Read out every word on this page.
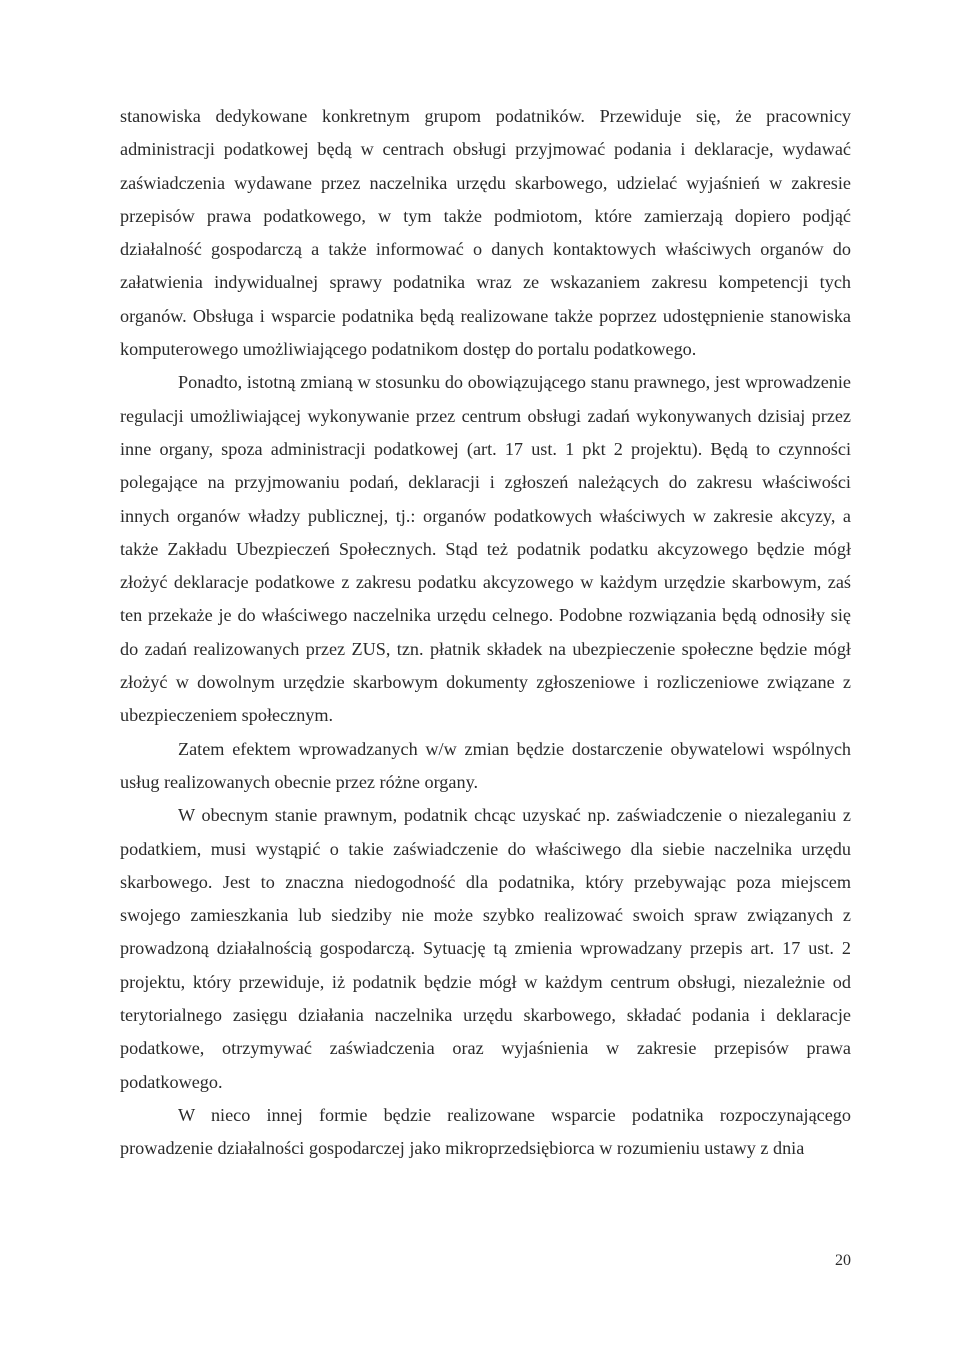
stanowiska dedykowane konkretnym grupom podatników. Przewiduje się, że pracownicy administracji podatkowej będą w centrach obsługi przyjmować podania i deklaracje, wydawać zaświadczenia wydawane przez naczelnika urzędu skarbowego, udzielać wyjaśnień w zakresie przepisów prawa podatkowego, w tym także podmiotom, które zamierzają dopiero podjąć działalność gospodarczą a także informować o danych kontaktowych właściwych organów do załatwienia indywidualnej sprawy podatnika wraz ze wskazaniem zakresu kompetencji tych organów. Obsługa i wsparcie podatnika będą realizowane także poprzez udostępnienie stanowiska komputerowego umożliwiającego podatnikom dostęp do portalu podatkowego.

Ponadto, istotną zmianą w stosunku do obowiązującego stanu prawnego, jest wprowadzenie regulacji umożliwiającej wykonywanie przez centrum obsługi zadań wykonywanych dzisiaj przez inne organy, spoza administracji podatkowej (art. 17 ust. 1 pkt 2 projektu). Będą to czynności polegające na przyjmowaniu podań, deklaracji i zgłoszeń należących do zakresu właściwości innych organów władzy publicznej, tj.: organów podatkowych właściwych w zakresie akcyzy, a także Zakładu Ubezpieczeń Społecznych. Stąd też podatnik podatku akcyzowego będzie mógł złożyć deklaracje podatkowe z zakresu podatku akcyzowego w każdym urzędzie skarbowym, zaś ten przekaże je do właściwego naczelnika urzędu celnego. Podobne rozwiązania będą odnosiły się do zadań realizowanych przez ZUS, tzn. płatnik składek na ubezpieczenie społeczne będzie mógł złożyć w dowolnym urzędzie skarbowym dokumenty zgłoszeniowe i rozliczeniowe związane z ubezpieczeniem społecznym.

Zatem efektem wprowadzanych w/w zmian będzie dostarczenie obywatelowi wspólnych usług realizowanych obecnie przez różne organy.

W obecnym stanie prawnym, podatnik chcąc uzyskać np. zaświadczenie o niezaleganiu z podatkiem, musi wystąpić o takie zaświadczenie do właściwego dla siebie naczelnika urzędu skarbowego. Jest to znaczna niedogodność dla podatnika, który przebywając poza miejscem swojego zamieszkania lub siedziby nie może szybko realizować swoich spraw związanych z prowadzoną działalnością gospodarczą. Sytuację tą zmienia wprowadzany przepis art. 17 ust. 2 projektu, który przewiduje, iż podatnik będzie mógł w każdym centrum obsługi, niezależnie od terytorialnego zasięgu działania naczelnika urzędu skarbowego, składać podania i deklaracje podatkowe, otrzymywać zaświadczenia oraz wyjaśnienia w zakresie przepisów prawa podatkowego.

W nieco innej formie będzie realizowane wsparcie podatnika rozpoczynającego prowadzenie działalności gospodarczej jako mikroprzedsiębiorca w rozumieniu ustawy z dnia

20
